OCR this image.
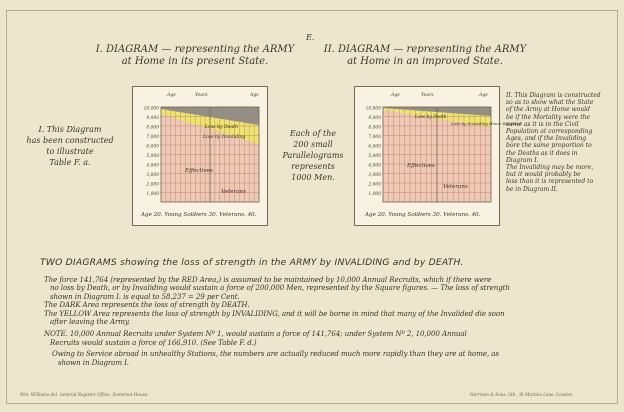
E.
I. DIAGRAM — representing the ARMY
at Home in its present State.
II. DIAGRAM — representing the ARMY
at Home in an improved State.
I. This Diagram
has been constructed
to illustrate
Table F. a.
Each of the
200 small
Parallelograms
represents
1000 Men.
II. This Diagram is constructed
so as to show what the State
of the Army at Home would
be if the Mortality were the
same as it is in the Civil
Population at corresponding
Ages, and if the Invaliding
bore the same proportion to
the Deaths as it does in
Diagram I.
The Invaliding may be more,
but it would probably be
less than it is represented to
be in Diagram II.
Age	Years	Age
10,000
9,000
8,000
7,000
6,000
5,000
4,000
3,000
2,000
1,000
Loss by Death
Loss by Invaliding
Effectives
Veterans
Age 20. Young Soldiers 30. Veterans. 40.
Age	Years	Age
10,000
9,000
8,000
7,000
6,000
5,000
4,000
3,000
2,000
1,000
Loss by Death
Loss by Invaliding Home Returned
Effectives
Veterans
Age 20. Young Soldiers 30. Veterans. 40.
TWO DIAGRAMS showing the loss of strength in the ARMY by INVALIDING and by DEATH.
The force 141,764 (represented by the RED Area,) is assumed to be maintained by 10,000 Annual Recruits, which if there were
no loss by Death, or by Invaliding would sustain a force of 200,000 Men, represented by the Square figures. — The loss of strength
shown in Diagram I. is equal to 58,237 = 29 per Cent.
The DARK Area represents the loss of strength by DEATH.
The YELLOW Area represents the loss of strength by INVALIDING, and it will be borne in mind that many of the Invalided die soon
after leaving the Army.
NOTE. 10,000 Annual Recruits under System Nº 1, would sustain a force of 141,764; under System Nº 2, 10,000 Annual
Recruits would sustain a force of 166,910. (See Table F. d.)
Owing to Service abroad in unhealthy Stations, the numbers are actually reduced much more rapidly than they are at home, as
shown in Diagram I.
Wm. Williams del. General Register Office, Somerset House.	Harrison & Sons, lith., St Martins Lane, London.
